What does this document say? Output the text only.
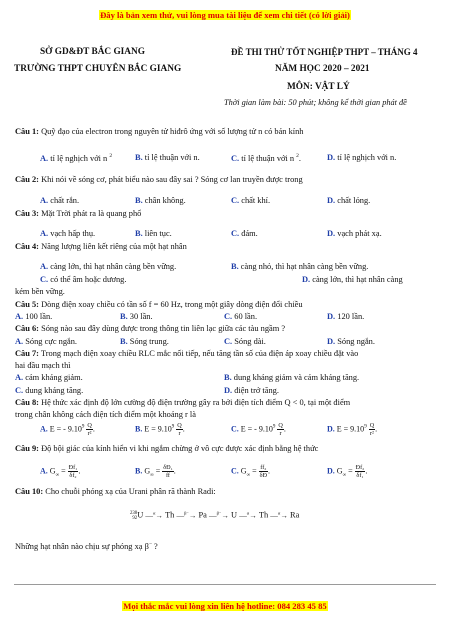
Đây là bản xem thử, vui lòng mua tài liệu để xem chi tiết (có lời giải)
SỞ GD&ĐT BẮC GIANG
TRƯỜNG THPT CHUYÊN BẮC GIANG
ĐỀ THI THỬ TỐT NGHIỆP THPT – THÁNG 4
NĂM HỌC 2020 – 2021
MÔN: VẬT LÝ
Thời gian làm bài: 50 phút; không kể thời gian phát đề
Câu 1: Quỹ đạo của electron trong nguyên tử hiđrô ứng với số lượng tử n có bán kính
A. tỉ lệ nghịch với n $^2$	B. tỉ lệ thuận với n.	C. tỉ lệ thuận với n $^2$.	D. tỉ lệ nghịch với n.
Câu 2: Khi nói về sóng cơ, phát biểu nào sau đây sai ? Sóng cơ lan truyền được trong
A. chất rắn.	B. chân không.	C. chất khí.	D. chất lỏng.
Câu 3: Mặt Trời phát ra là quang phổ
A. vạch hấp thụ.	B. liên tục.	C. đám.	D. vạch phát xạ.
Câu 4: Năng lượng liên kết riêng của một hạt nhân
A. càng lớn, thì hạt nhân càng bền vững.	B. càng nhỏ, thì hạt nhân càng bền vững.
C. có thể âm hoặc dương.	D. càng lớn, thì hạt nhân càng
kém bền vững.
Câu 5: Dòng điện xoay chiều có tần số f = 60 Hz, trong một giây dòng điện đổi chiều
A. 100 lần.	B. 30 lần.	C. 60 lần.	D. 120 lần.
Câu 6: Sóng nào sau đây dùng được trong thông tin liên lạc giữa các tàu ngầm ?
A. Sóng cực ngắn.	B. Sóng trung.	C. Sóng dài.	D. Sóng ngắn.
Câu 7: Trong mạch điện xoay chiều RLC mắc nối tiếp, nếu tăng tần số của điện áp xoay chiều đặt vào
hai đầu mạch thì
A. cảm kháng giảm.	B. dung kháng giảm và cảm kháng tăng.
C. dung kháng tăng.	D. điện trở tăng.
Câu 8: Hệ thức xác định độ lớn cường độ điện trường gây ra bởi điện tích điểm Q < 0, tại một điểm
trong chân không cách điện tích điểm một khoảng r là
A. E = - $9.10^9 \frac{Q}{\text{r²}}$ .	B. $E = 9.10^9 \frac{Q}{r}$ .	C. E = - $9.10^9 \frac{Q}{r}$ .	D. $E = 9.10^9 \frac{Q}{\text{r²}}$ .
Câu 9: Độ bội giác của kính hiển vi khi ngắm chừng ở vô cực được xác định bằng hệ thức
A. $G_\infty = \frac{\text{Đf₁}}{\text{δf₂}}$ .	B. $G_\infty = \frac{\text{δĐ₁}}{ff}$ .	C. $G_\infty = \frac{\text{ff₂}}{\delta Đ}$ .	D. $G_\infty = \frac{\text{Đf₂}}{\text{δf₁}}$ .
Câu 10: Cho chuỗi phóng xạ của Urani phân rã thành Radi:
238
92 U —$^\alpha$→ Th —$^{\beta^-}$→ Pa —$^{\beta^-}$→ U —$^\alpha$→ Th —$^\alpha$→ Ra
Những hạt nhân nào chịu sự phóng xạ β− ?
Mọi thắc mắc vui lòng xin liên hệ hotline: 084 283 45 85
